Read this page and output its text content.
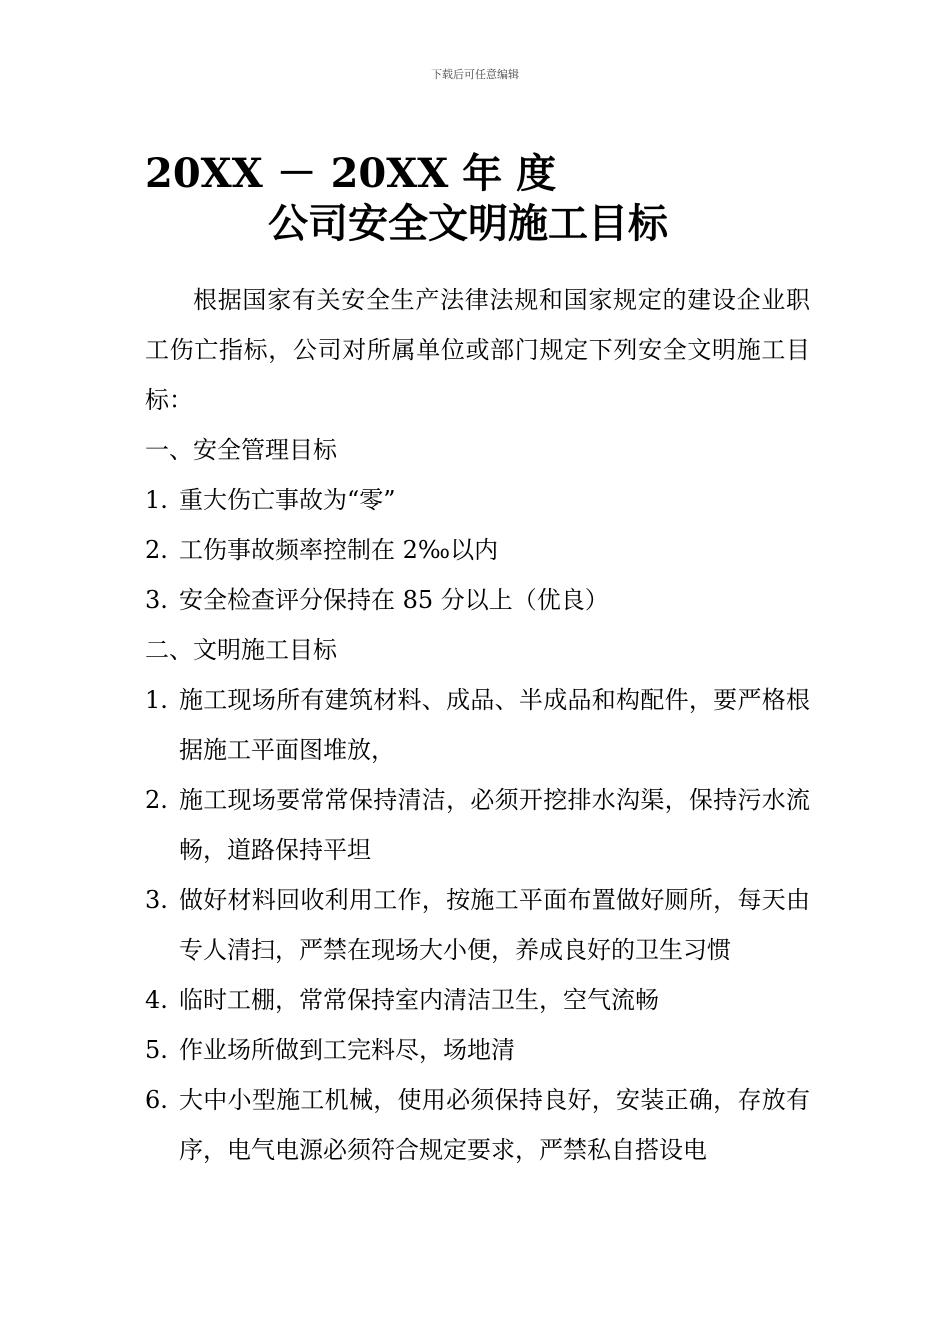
下载后可任意编辑
20XX － 20XX 年 度
公司安全文明施工目标

根据国家有关安全生产法律法规和国家规定的建设企业职工伤亡指标，公司对所属单位或部门规定下列安全文明施工目标：

一、安全管理目标

1. 重大伤亡事故为“零”
2. 工伤事故频率控制在 2‰以内
3. 安全检查评分保持在 85 分以上（优良）

二、文明施工目标

1. 施工现场所有建筑材料、成品、半成品和构配件，要严格根据施工平面图堆放，
2. 施工现场要常常保持清洁，必须开挖排水沟渠，保持污水流畅，道路保持平坦
3. 做好材料回收利用工作，按施工平面布置做好厕所，每天由专人清扫，严禁在现场大小便，养成良好的卫生习惯
4. 临时工棚，常常保持室内清洁卫生，空气流畅
5. 作业场所做到工完料尽，场地清
6. 大中小型施工机械，使用必须保持良好，安装正确，存放有序，电气电源必须符合规定要求，严禁私自搭设电
